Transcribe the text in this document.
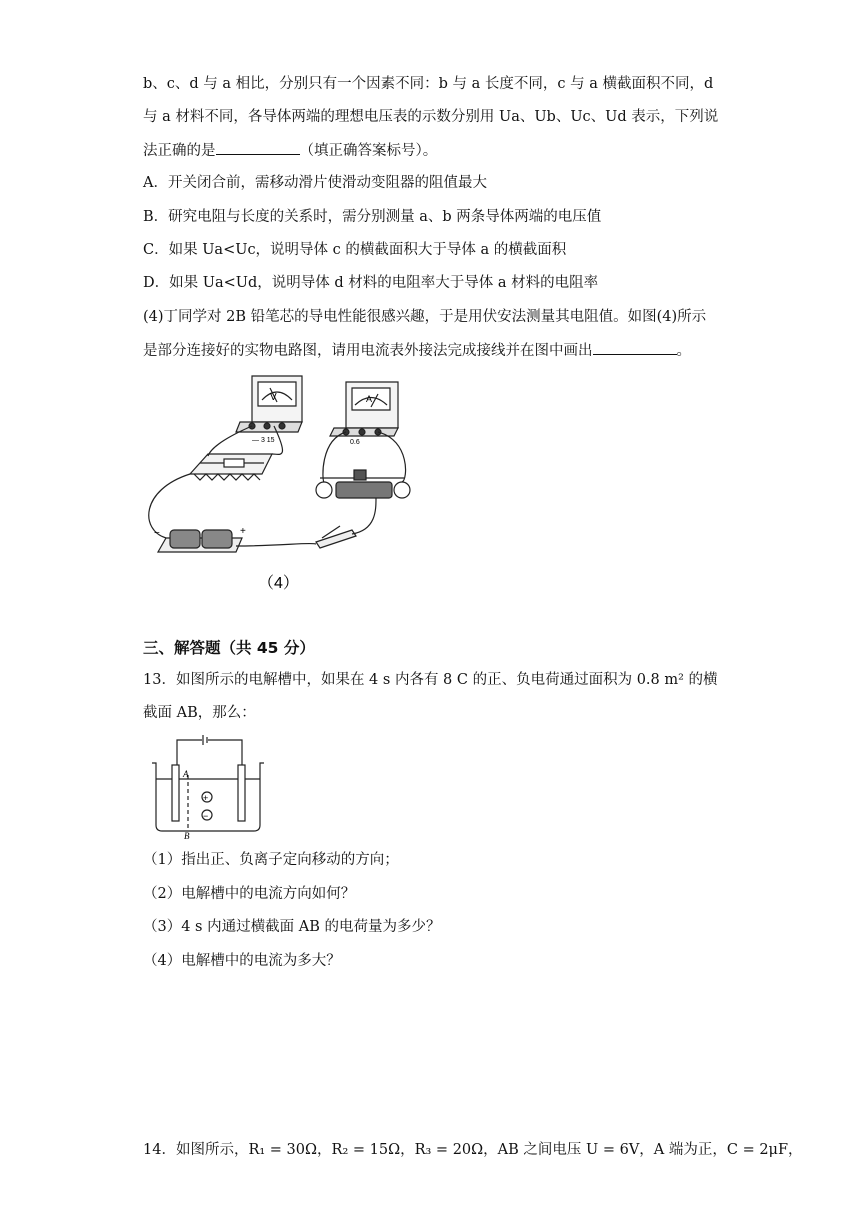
b、c、d 与 a 相比，分别只有一个因素不同：b 与 a 长度不同，c 与 a 横截面积不同，d
与 a 材料不同，各导体两端的理想电压表的示数分别用 Ua、Ub、Uc、Ud 表示，下列说
法正确的是	（填正确答案标号）。
A．开关闭合前，需移动滑片使滑动变阻器的阻值最大
B．研究电阻与长度的关系时，需分别测量 a、b 两条导体两端的电压值
C．如果 Ua<Uc，说明导体 c 的横截面积大于导体 a 的横截面积
D．如果 Ua<Ud，说明导体 d 材料的电阻率大于导体 a 材料的电阻率
(4)丁同学对 2B 铅笔芯的导电性能很感兴趣，于是用伏安法测量其电阻值。如图(4)所示
是部分连接好的实物电路图，请用电流表外接法完成接线并在图中画出	。
V
— 3 15
A
0.6
−	+
（4）
三、解答题（共 45 分）
13．如图所示的电解槽中，如果在 4 s 内各有 8 C 的正、负电荷通过面积为 0.8 m² 的横
截面 AB，那么：
A
B
+
−
（1）指出正、负离子定向移动的方向；
（2）电解槽中的电流方向如何？
（3）4 s 内通过横截面 AB 的电荷量为多少？
（4）电解槽中的电流为多大？
14．如图所示，R₁ = 30Ω，R₂ = 15Ω，R₃ = 20Ω，AB 之间电压 U = 6V，A 端为正，C = 2μF，
